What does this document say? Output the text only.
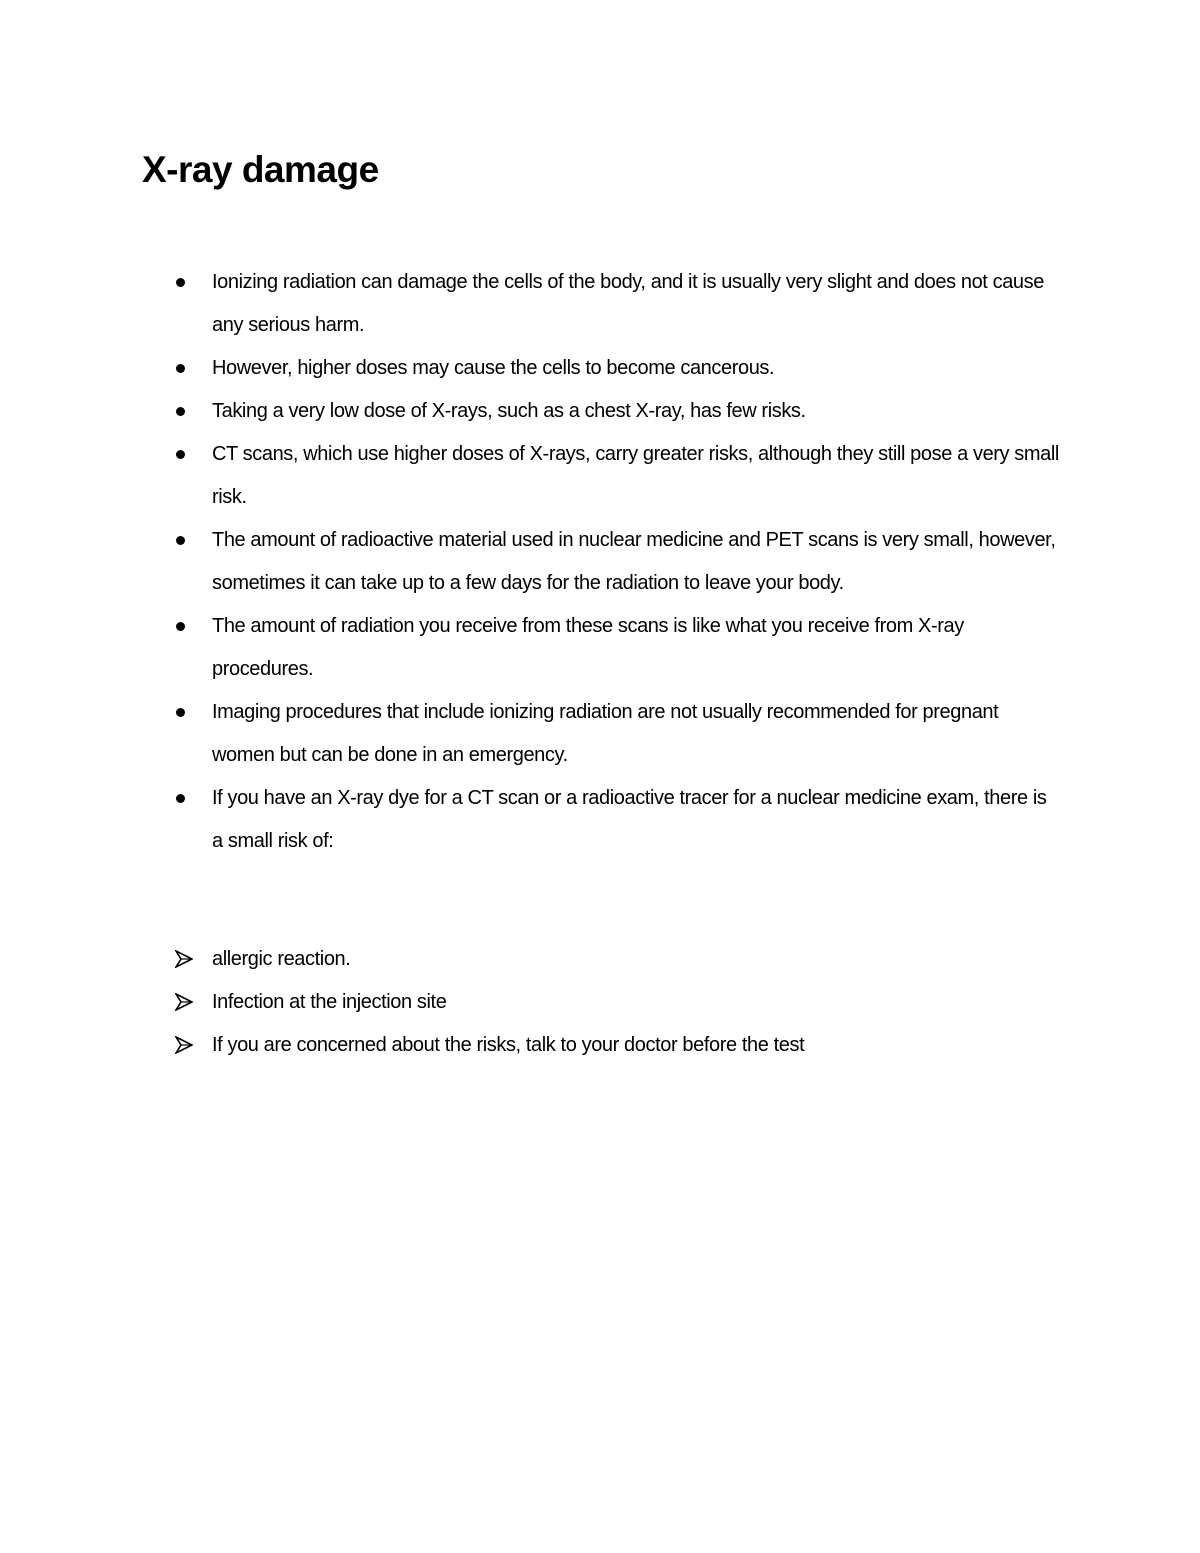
X-ray damage
Ionizing radiation can damage the cells of the body, and it is usually very slight and does not cause any serious harm.
However, higher doses may cause the cells to become cancerous.
Taking a very low dose of X-rays, such as a chest X-ray, has few risks.
CT scans, which use higher doses of X-rays, carry greater risks, although they still pose a very small risk.
The amount of radioactive material used in nuclear medicine and PET scans is very small, however, sometimes it can take up to a few days for the radiation to leave your body.
The amount of radiation you receive from these scans is like what you receive from X-ray procedures.
Imaging procedures that include ionizing radiation are not usually recommended for pregnant women but can be done in an emergency.
If you have an X-ray dye for a CT scan or a radioactive tracer for a nuclear medicine exam, there is a small risk of:
allergic reaction.
Infection at the injection site
If you are concerned about the risks, talk to your doctor before the test
